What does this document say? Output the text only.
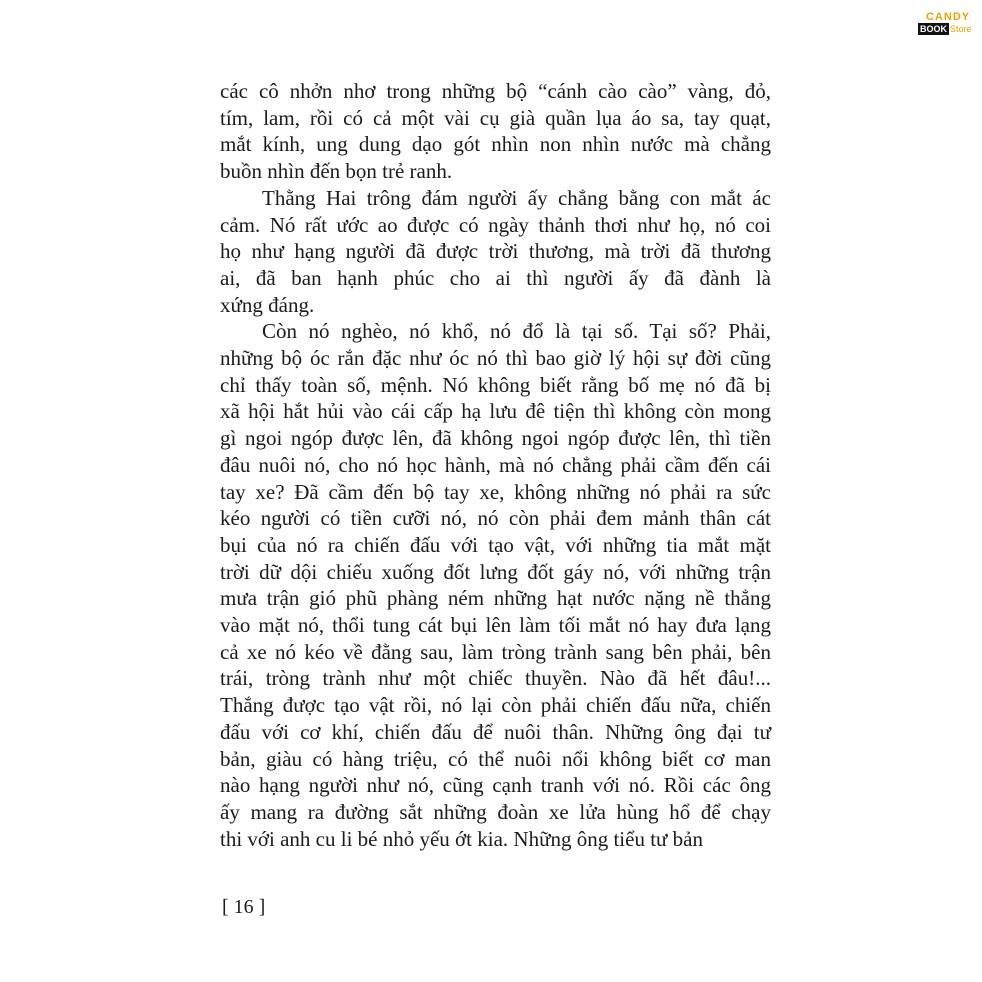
CANDY
BOOK Store
các cô nhởn nhơ trong những bộ “cánh cào cào” vàng, đỏ,
tím, lam, rồi có cả một vài cụ già quần lụa áo sa, tay quạt,
mắt kính, ung dung dạo gót nhìn non nhìn nước mà chẳng
buồn nhìn đến bọn trẻ ranh.
Thằng Hai trông đám người ấy chẳng bằng con mắt ác
cảm. Nó rất ước ao được có ngày thảnh thơi như họ, nó coi
họ như hạng người đã được trời thương, mà trời đã thương
ai, đã ban hạnh phúc cho ai thì người ấy đã đành là
xứng đáng.
Còn nó nghèo, nó khổ, nó đổ là tại số. Tại số? Phải,
những bộ óc rắn đặc như óc nó thì bao giờ lý hội sự đời cũng
chỉ thấy toàn số, mệnh. Nó không biết rằng bố mẹ nó đã bị
xã hội hắt hủi vào cái cấp hạ lưu đê tiện thì không còn mong
gì ngoi ngóp được lên, đã không ngoi ngóp được lên, thì tiền
đâu nuôi nó, cho nó học hành, mà nó chẳng phải cầm đến cái
tay xe? Đã cầm đến bộ tay xe, không những nó phải ra sức
kéo người có tiền cưỡi nó, nó còn phải đem mảnh thân cát
bụi của nó ra chiến đấu với tạo vật, với những tia mắt mặt
trời dữ dội chiếu xuống đốt lưng đốt gáy nó, với những trận
mưa trận gió phũ phàng ném những hạt nước nặng nề thẳng
vào mặt nó, thổi tung cát bụi lên làm tối mắt nó hay đưa lạng
cả xe nó kéo về đằng sau, làm tròng trành sang bên phải, bên
trái, tròng trành như một chiếc thuyền. Nào đã hết đâu!...
Thắng được tạo vật rồi, nó lại còn phải chiến đấu nữa, chiến
đấu với cơ khí, chiến đấu để nuôi thân. Những ông đại tư
bản, giàu có hàng triệu, có thể nuôi nổi không biết cơ man
nào hạng người như nó, cũng cạnh tranh với nó. Rồi các ông
ấy mang ra đường sắt những đoàn xe lửa hùng hổ để chạy
thi với anh cu li bé nhỏ yếu ớt kia. Những ông tiểu tư bản
[ 16 ]
